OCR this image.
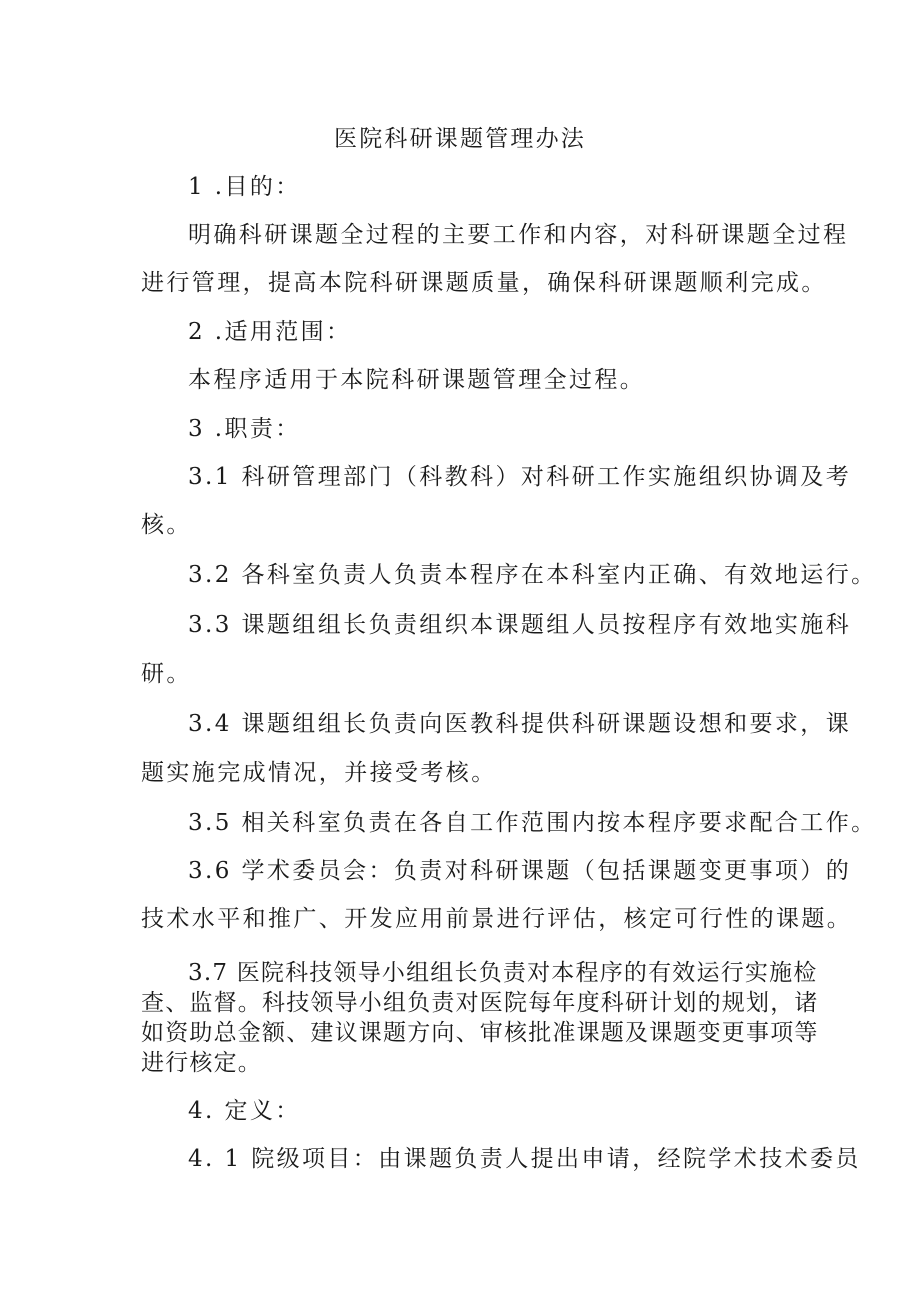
医院科研课题管理办法
1 .目的：
明确科研课题全过程的主要工作和内容，对科研课题全过程
进行管理，提高本院科研课题质量，确保科研课题顺利完成。
2 .适用范围：
本程序适用于本院科研课题管理全过程。
3 .职责：
3.1 科研管理部门（科教科）对科研工作实施组织协调及考
核。
3.2 各科室负责人负责本程序在本科室内正确、有效地运行。
3.3 课题组组长负责组织本课题组人员按程序有效地实施科
研。
3.4 课题组组长负责向医教科提供科研课题设想和要求，课
题实施完成情况，并接受考核。
3.5 相关科室负责在各自工作范围内按本程序要求配合工作。
3.6 学术委员会：负责对科研课题（包括课题变更事项）的
技术水平和推广、开发应用前景进行评估，核定可行性的课题。
3.7 医院科技领导小组组长负责对本程序的有效运行实施检
查、监督。科技领导小组负责对医院每年度科研计划的规划，诸
如资助总金额、建议课题方向、审核批准课题及课题变更事项等
进行核定。
4. 定义：
4. 1 院级项目：由课题负责人提出申请，经院学术技术委员
